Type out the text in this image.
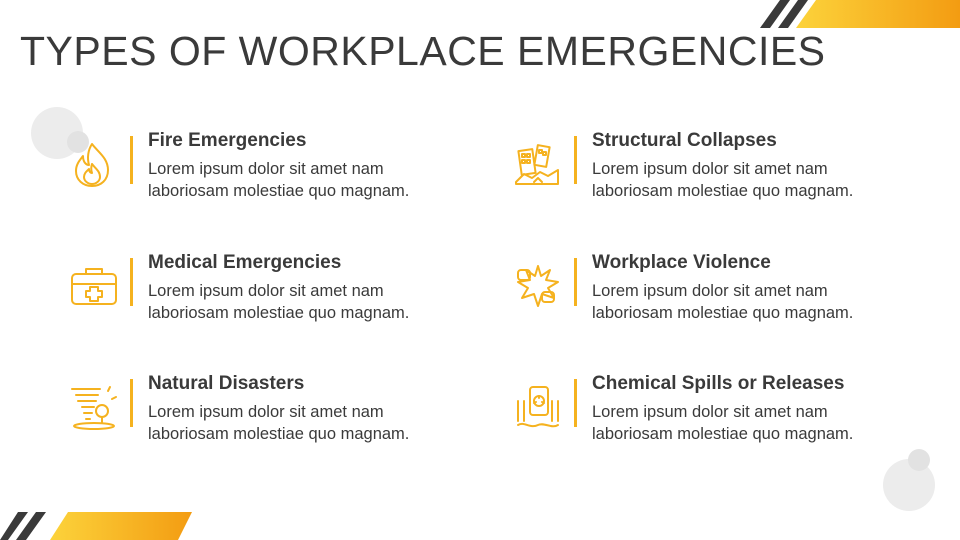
TYPES OF WORKPLACE EMERGENCIES
Fire Emergencies

Lorem ipsum dolor sit amet nam laboriosam molestiae quo magnam.

Structural Collapses

Lorem ipsum dolor sit amet nam laboriosam molestiae quo magnam.

Medical Emergencies

Lorem ipsum dolor sit amet nam laboriosam molestiae quo magnam.

Workplace Violence

Lorem ipsum dolor sit amet nam laboriosam molestiae quo magnam.

Natural Disasters

Lorem ipsum dolor sit amet nam laboriosam molestiae quo magnam.

Chemical Spills or Releases

Lorem ipsum dolor sit amet nam laboriosam molestiae quo magnam.
